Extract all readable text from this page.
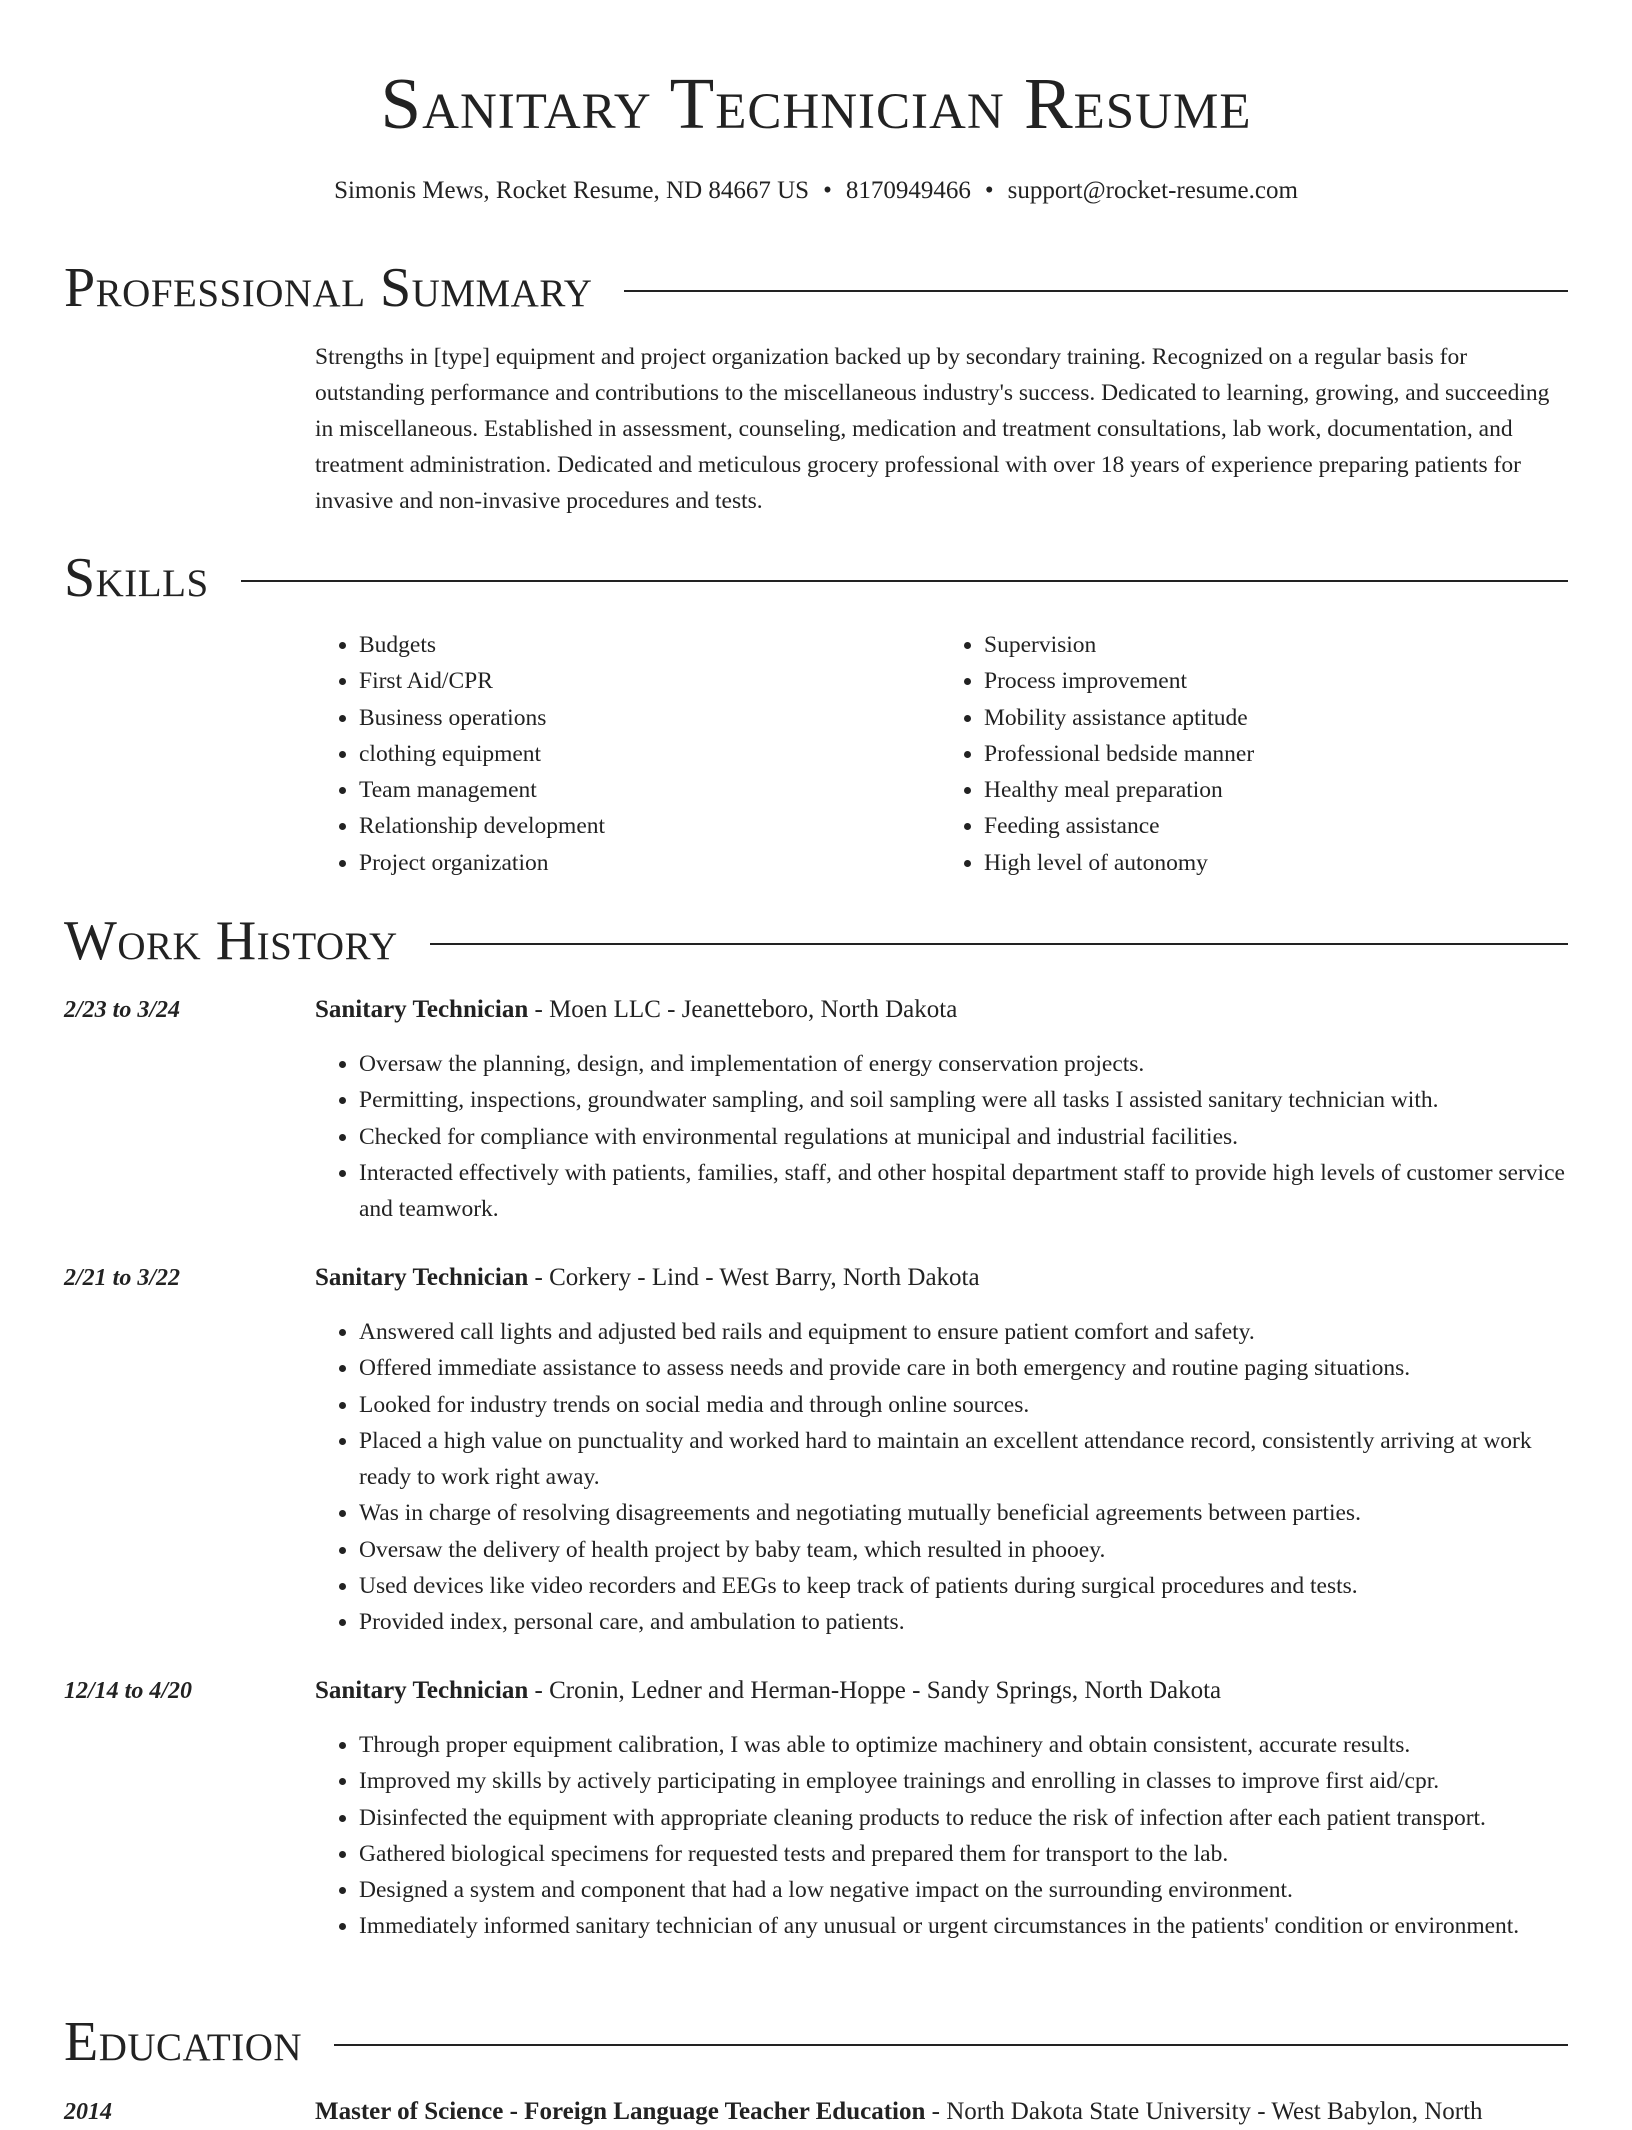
Sanitary Technician Resume
Simonis Mews, Rocket Resume, ND 84667 US • 8170949466 • support@rocket-resume.com
Professional Summary

Strengths in [type] equipment and project organization backed up by secondary training. Recognized on a regular basis for outstanding performance and contributions to the miscellaneous industry's success. Dedicated to learning, growing, and succeeding in miscellaneous. Established in assessment, counseling, medication and treatment consultations, lab work, documentation, and treatment administration. Dedicated and meticulous grocery professional with over 18 years of experience preparing patients for invasive and non-invasive procedures and tests.

Skills
• Budgets
• First Aid/CPR
• Business operations
• clothing equipment
• Team management
• Relationship development
• Project organization
• Supervision
• Process improvement
• Mobility assistance aptitude
• Professional bedside manner
• Healthy meal preparation
• Feeding assistance
• High level of autonomy
Work History
2/23 to 3/24	Sanitary Technician - Moen LLC - Jeanetteboro, North Dakota
• Oversaw the planning, design, and implementation of energy conservation projects.
• Permitting, inspections, groundwater sampling, and soil sampling were all tasks I assisted sanitary technician with.
• Checked for compliance with environmental regulations at municipal and industrial facilities.
• Interacted effectively with patients, families, staff, and other hospital department staff to provide high levels of customer service and teamwork.
2/21 to 3/22	Sanitary Technician - Corkery - Lind - West Barry, North Dakota
• Answered call lights and adjusted bed rails and equipment to ensure patient comfort and safety.
• Offered immediate assistance to assess needs and provide care in both emergency and routine paging situations.
• Looked for industry trends on social media and through online sources.
• Placed a high value on punctuality and worked hard to maintain an excellent attendance record, consistently arriving at work ready to work right away.
• Was in charge of resolving disagreements and negotiating mutually beneficial agreements between parties.
• Oversaw the delivery of health project by baby team, which resulted in phooey.
• Used devices like video recorders and EEGs to keep track of patients during surgical procedures and tests.
• Provided index, personal care, and ambulation to patients.
12/14 to 4/20	Sanitary Technician - Cronin, Ledner and Herman-Hoppe - Sandy Springs, North Dakota
• Through proper equipment calibration, I was able to optimize machinery and obtain consistent, accurate results.
• Improved my skills by actively participating in employee trainings and enrolling in classes to improve first aid/cpr.
• Disinfected the equipment with appropriate cleaning products to reduce the risk of infection after each patient transport.
• Gathered biological specimens for requested tests and prepared them for transport to the lab.
• Designed a system and component that had a low negative impact on the surrounding environment.
• Immediately informed sanitary technician of any unusual or urgent circumstances in the patients' condition or environment.
Education
2014	Master of Science - Foreign Language Teacher Education - North Dakota State University - West Babylon, North
